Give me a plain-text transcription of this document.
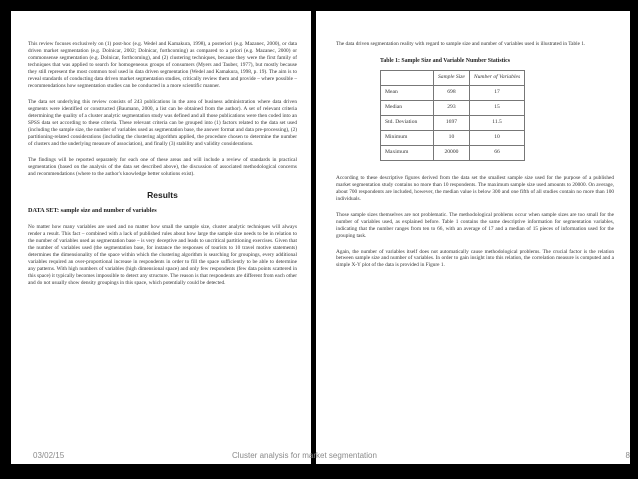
This review focuses exclusively on (1) post-hoc (e.g. Wedel and Kamakura, 1998), a posteriori (e.g. Mazanec, 2000), or data driven market segmentation (e.g. Dolnicar, 2002; Dolnicar, forthcoming) as compared to a priori (e.g. Mazanec, 2000) or commonsense segmentation (e.g. Dolnicar, forthcoming), and (2) clustering techniques, because they were the first family of techniques that was applied to search for homogeneous groups of consumers (Myers and Tauber, 1977), but mostly because they still represent the most common tool used in data driven segmentation (Wedel and Kamakura, 1998, p. 19). The aim is to reveal standards of conducting data driven market segmentation studies, critically review them and provide – where possible – recommendations how segmentation studies can be conducted in a more scientific manner.

The data set underlying this review consists of 243 publications in the area of business administration where data driven segments were identified or constructed (Baumann, 2000, a list can be obtained from the author). A set of relevant criteria determining the quality of a cluster analytic segmentation study was defined and all those publications were then coded into an SPSS data set according to these criteria. These relevant criteria can be grouped into (1) factors related to the data set used (including the sample size, the number of variables used as segmentation base, the answer format and data pre-processing), (2) partitioning-related considerations (including the clustering algorithm applied, the procedure chosen to determine the number of clusters and the underlying measure of association), and finally (3) stability and validity considerations.

The findings will be reported separately for each one of these areas and will include a review of standards in practical segmentation (based on the analysis of the data set described above), the discussion of associated methodological concerns and recommendations (where to the author's knowledge better solutions exist).

Results
DATA SET: sample size and number of variables

No matter how many variables are used and no matter how small the sample size, cluster analytic techniques will always render a result. This fact – combined with a lack of published rules about how large the sample size needs to be in relation to the number of variables used as segmentation base – is very deceptive and leads to uncritical partitioning exercises. Given that the number of variables used (the segmentation base, for instance the responses of tourists to 10 travel motive statements) determines the dimensionality of the space within which the clustering algorithm is searching for groupings, every additional variables required an over-proportional increase in respondents in order to fill the space sufficiently to be able to determine any patterns. With high numbers of variables (high dimensional space) and only few respondents (few data points scattered in this space) it typically becomes impossible to detect any structure. The reason is that respondents are different from each other and do not usually show density groupings in this space, which potentially could be detected.

The data driven segmentation reality with regard to sample size and number of variables used is illustrated in Table 1.

Table 1: Sample Size and Variable Number Statistics
	Sample Size	Number of Variables
Mean	698	17
Median	293	15
Std. Deviation	1697	11.5
Minimum	10	10
Maximum	20000	66

According to these descriptive figures derived from the data set the smallest sample size used for the purpose of a published market segmentation study contains no more than 10 respondents. The maximum sample size used amounts to 20000. On average, about 700 respondents are included, however, the median value is below 300 and one fifth of all studies contain no more than 100 individuals.

Those sample sizes themselves are not problematic. The methodological problems occur when sample sizes are too small for the number of variables used, as explained before. Table 1 contains the same descriptive information for segmentation variables, indicating that the number ranges from ten to 66, with an average of 17 and a median of 15 pieces of information used for the grouping task.

Again, the number of variables itself does not automatically cause methodological problems. The crucial factor is the relation between sample size and number of variables. In order to gain insight into this relation, the correlation measure is computed and a simple X-Y plot of the data is provided in Figure 1.

03/02/15	Cluster analysis for market segmentation	8
